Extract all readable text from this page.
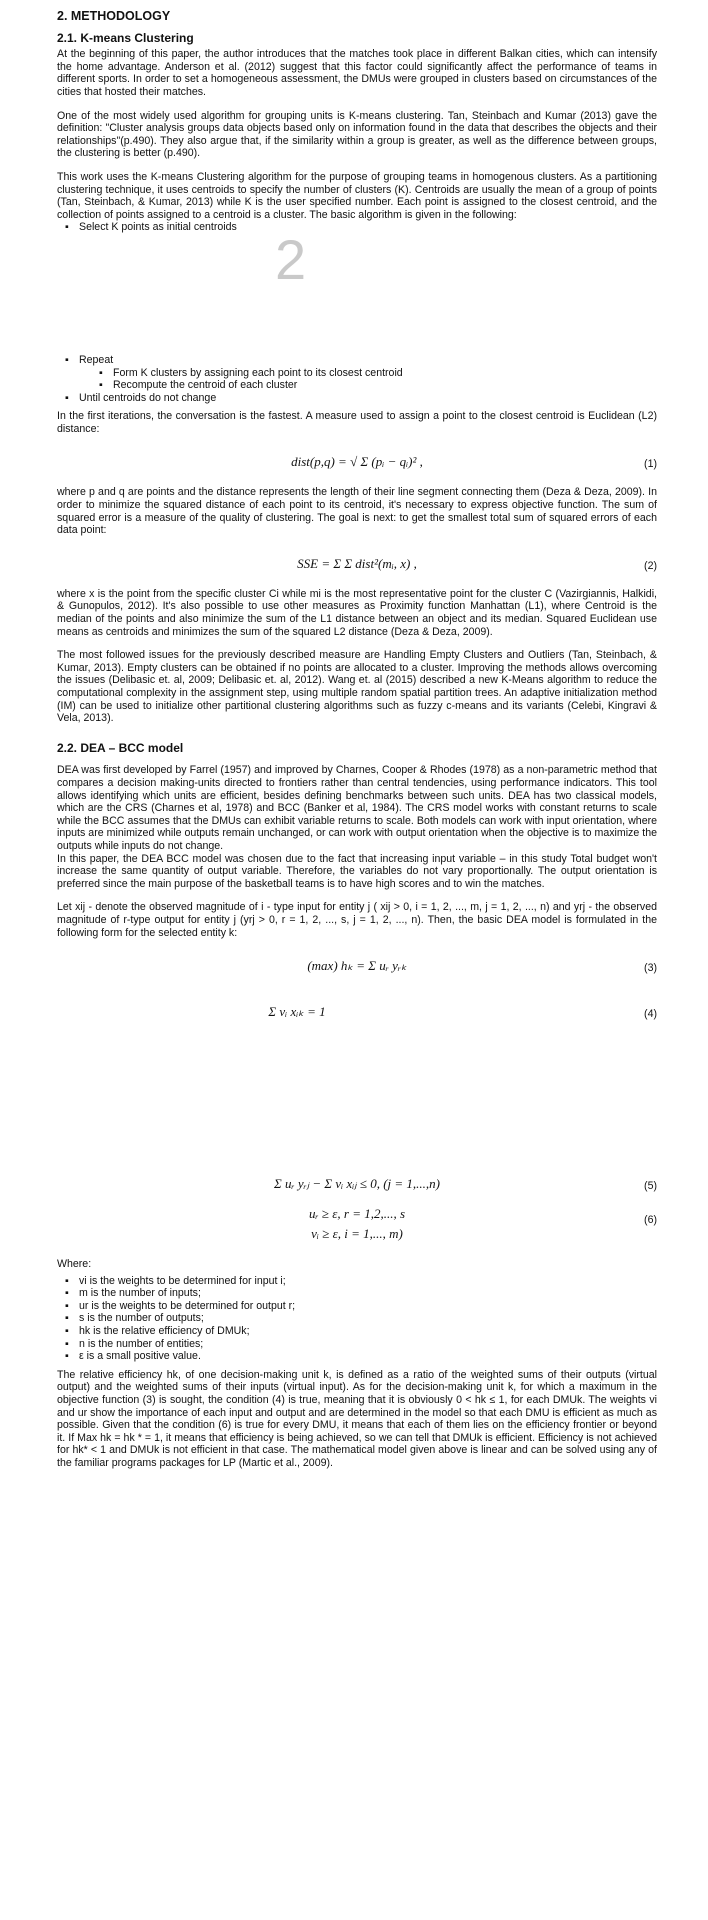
2. METHODOLOGY
2.1. K-means Clustering

At the beginning of this paper, the author introduces that the matches took place in different Balkan cities, which can intensify the home advantage. Anderson et al. (2012) suggest that this factor could significantly affect the performance of teams in different sports. In order to set a homogeneous assessment, the DMUs were grouped in clusters based on circumstances of the cities that hosted their matches.

One of the most widely used algorithm for grouping units is K-means clustering. Tan, Steinbach and Kumar (2013) gave the definition: "Cluster analysis groups data objects based only on information found in the data that describes the objects and their relationships"(p.490). They also argue that, if the similarity within a group is greater, as well as the difference between groups, the clustering is better (p.490).

This work uses the K-means Clustering algorithm for the purpose of grouping teams in homogenous clusters. As a partitioning clustering technique, it uses centroids to specify the number of clusters (K). Centroids are usually the mean of a group of points (Tan, Steinbach, & Kumar, 2013) while K is the user specified number. Each point is assigned to the closest centroid, and the collection of points assigned to a centroid is a cluster. The basic algorithm is given in the following:

▪ Select K points as initial centroids
2
▪ Repeat
▪ Form K clusters by assigning each point to its closest centroid
▪ Recompute the centroid of each cluster
▪ Until centroids do not change

In the first iterations, the conversation is the fastest. A measure used to assign a point to the closest centroid is Euclidean (L2) distance:

dist(p,q) = √ Σ (pᵢ − qᵢ)² ,	(1)

where p and q are points and the distance represents the length of their line segment connecting them (Deza & Deza, 2009). In order to minimize the squared distance of each point to its centroid, it's necessary to express objective function. The sum of squared error is a measure of the quality of clustering. The goal is next: to get the smallest total sum of squared errors of each data point:

SSE = Σ Σ dist²(mᵢ, x) ,	(2)

where x is the point from the specific cluster Ci while mi is the most representative point for the cluster C (Vazirgiannis, Halkidi, & Gunopulos, 2012). It's also possible to use other measures as Proximity function Manhattan (L1), where Centroid is the median of the points and also minimize the sum of the L1 distance between an object and its median. Squared Euclidean use means as centroids and minimizes the sum of the squared L2 distance (Deza & Deza, 2009).

The most followed issues for the previously described measure are Handling Empty Clusters and Outliers (Tan, Steinbach, & Kumar, 2013). Empty clusters can be obtained if no points are allocated to a cluster. Improving the methods allows overcoming the issues (Delibasic et. al, 2009; Delibasic et. al, 2012). Wang et. al (2015) described a new K-Means algorithm to reduce the computational complexity in the assignment step, using multiple random spatial partition trees. An adaptive initialization method (IM) can be used to initialize other partitional clustering algorithms such as fuzzy c-means and its variants (Celebi, Kingravi & Vela, 2013).

2.2. DEA – BCC model

DEA was first developed by Farrel (1957) and improved by Charnes, Cooper & Rhodes (1978) as a non-parametric method that compares a decision making-units directed to frontiers rather than central tendencies, using performance indicators. This tool allows identifying which units are efficient, besides defining benchmarks between such units. DEA has two classical models, which are the CRS (Charnes et al, 1978) and BCC (Banker et al, 1984). The CRS model works with constant returns to scale while the BCC assumes that the DMUs can exhibit variable returns to scale. Both models can work with input orientation, where inputs are minimized while outputs remain unchanged, or can work with output orientation when the objective is to maximize the outputs while inputs do not change.

In this paper, the DEA BCC model was chosen due to the fact that increasing input variable – in this study Total budget won't increase the same quantity of output variable. Therefore, the variables do not vary proportionally. The output orientation is preferred since the main purpose of the basketball teams is to have high scores and to win the matches.

Let xij - denote the observed magnitude of i - type input for entity j ( xij > 0, i = 1, 2, ..., m, j = 1, 2, ..., n) and yrj - the observed magnitude of r-type output for entity j (yrj > 0, r = 1, 2, ..., s, j = 1, 2, ..., n). Then, the basic DEA model is formulated in the following form for the selected entity k:

(max) hₖ = Σ uᵣ yᵣₖ	(3)
Σ vᵢ xᵢₖ = 1	(4)
Σ uᵣ yᵣⱼ − Σ vᵢ xᵢⱼ ≤ 0, (j = 1,...,n)	(5)
uᵣ ≥ ε, r = 1,2,..., s
vᵢ ≥ ε, i = 1,..., m)
(6)
Where:
▪ vi is the weights to be determined for input i;
▪ m is the number of inputs;
▪ ur is the weights to be determined for output r;
▪ s is the number of outputs;
▪ hk is the relative efficiency of DMUk;
▪ n is the number of entities;
▪ ε is a small positive value.

The relative efficiency hk, of one decision-making unit k, is defined as a ratio of the weighted sums of their outputs (virtual output) and the weighted sums of their inputs (virtual input). As for the decision-making unit k, for which a maximum in the objective function (3) is sought, the condition (4) is true, meaning that it is obviously 0 < hk ≤ 1, for each DMUk. The weights vi and ur show the importance of each input and output and are determined in the model so that each DMU is efficient as much as possible. Given that the condition (6) is true for every DMU, it means that each of them lies on the efficiency frontier or beyond it. If Max hk = hk * = 1, it means that efficiency is being achieved, so we can tell that DMUk is efficient. Efficiency is not achieved for hk* < 1 and DMUk is not efficient in that case. The mathematical model given above is linear and can be solved using any of the familiar programs packages for LP (Martic et al., 2009).
